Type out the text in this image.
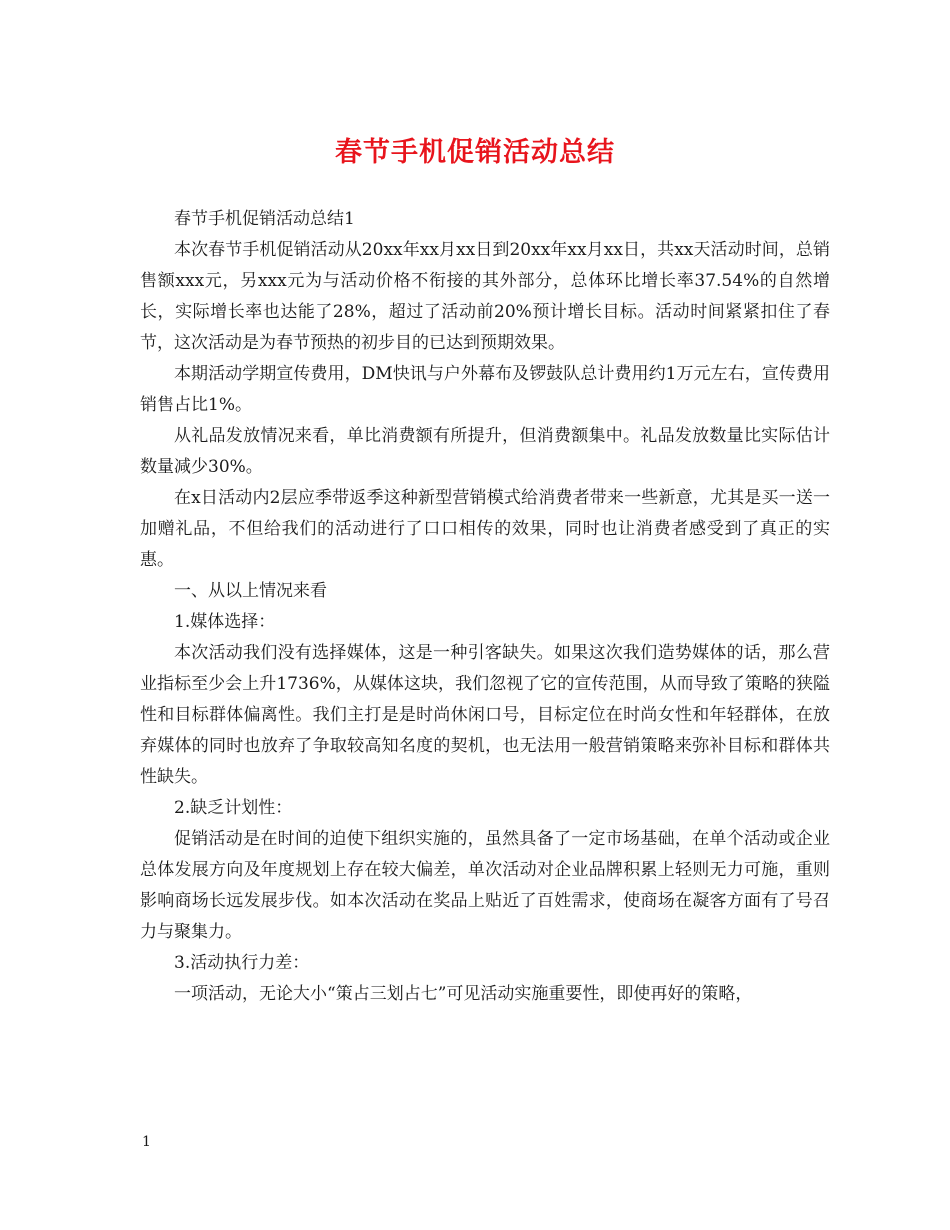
春节手机促销活动总结

春节手机促销活动总结1

本次春节手机促销活动从20xx年xx月xx日到20xx年xx月xx日，共xx天活动时间，总销售额xxx元，另xxx元为与活动价格不衔接的其外部分，总体环比增长率37.54%的自然增长，实际增长率也达能了28%，超过了活动前20%预计增长目标。活动时间紧紧扣住了春节，这次活动是为春节预热的初步目的已达到预期效果。

本期活动学期宣传费用，DM快讯与户外幕布及锣鼓队总计费用约1万元左右，宣传费用销售占比1%。

从礼品发放情况来看，单比消费额有所提升，但消费额集中。礼品发放数量比实际估计数量减少30%。

在x日活动内2层应季带返季这种新型营销模式给消费者带来一些新意，尤其是买一送一加赠礼品，不但给我们的活动进行了口口相传的效果，同时也让消费者感受到了真正的实惠。

一、从以上情况来看

1.媒体选择：

本次活动我们没有选择媒体，这是一种引客缺失。如果这次我们造势媒体的话，那么营业指标至少会上升1736%，从媒体这块，我们忽视了它的宣传范围，从而导致了策略的狭隘性和目标群体偏离性。我们主打是是时尚休闲口号，目标定位在时尚女性和年轻群体，在放弃媒体的同时也放弃了争取较高知名度的契机，也无法用一般营销策略来弥补目标和群体共性缺失。

2.缺乏计划性：

促销活动是在时间的迫使下组织实施的，虽然具备了一定市场基础，在单个活动或企业总体发展方向及年度规划上存在较大偏差，单次活动对企业品牌积累上轻则无力可施，重则影响商场长远发展步伐。如本次活动在奖品上贴近了百姓需求，使商场在凝客方面有了号召力与聚集力。

3.活动执行力差：

一项活动，无论大小“策占三划占七”可见活动实施重要性，即使再好的策略，

1
